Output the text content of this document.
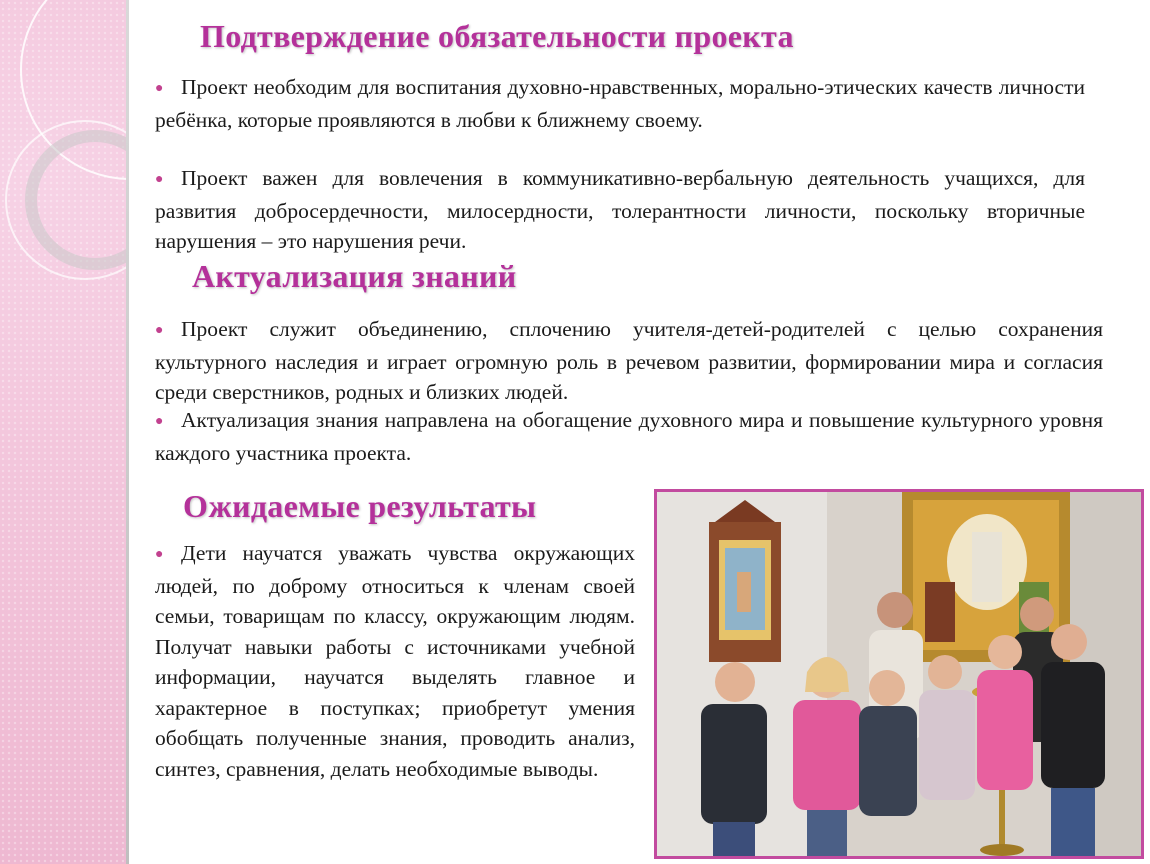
Подтверждение обязательности проекта

● Проект необходим для воспитания духовно-нравственных, морально-этических качеств личности ребёнка, которые проявляются в любви к ближнему своему.

● Проект важен для вовлечения в коммуникативно-вербальную деятельность учащихся, для развития добросердечности, милосердности, толерантности личности, поскольку вторичные нарушения – это нарушения речи.

Актуализация знаний

● Проект служит объединению, сплочению учителя-детей-родителей с целью сохранения культурного наследия и играет огромную роль в речевом развитии, формировании мира и согласия среди сверстников, родных и близких людей.

● Актуализация знания направлена на обогащение духовного мира и повышение культурного уровня каждого участника проекта.

Ожидаемые результаты

● Дети научатся уважать чувства окружающих людей, по доброму относиться к членам своей семьи, товарищам по классу, окружающим людям. Получат навыки работы с источниками учебной информации, научатся выделять главное и характерное в поступках; приобретут умения обобщать полученные знания, проводить анализ, синтез, сравнения, делать необходимые выводы.
